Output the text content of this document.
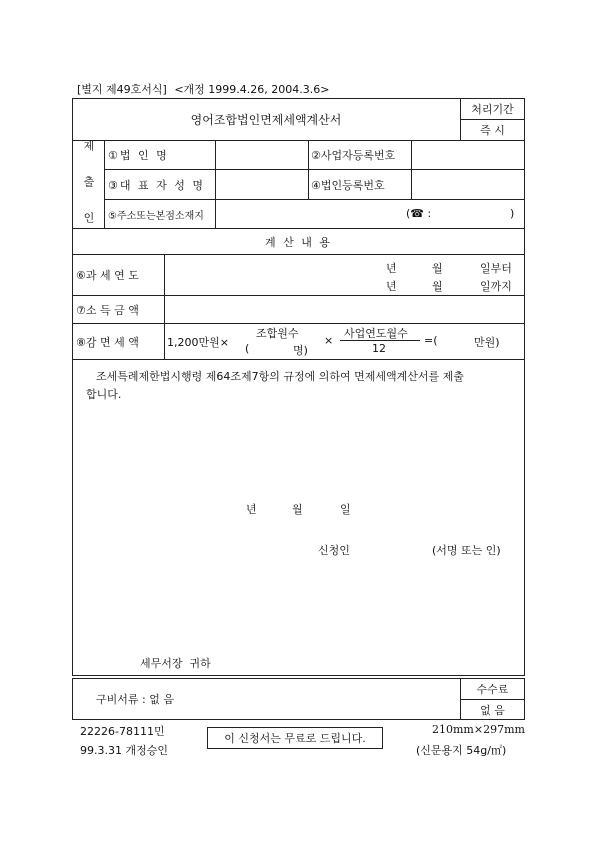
[별지 제49호서식] <개정 1999.4.26, 2004.3.6>
영어조합법인면제세액계산서
처리기간
즉 시
제 출 인 ①법 인 명	②사업자등록번호
③대 표 자 성 명	④법인등록번호
⑤주소또는본점소재지	(☎ :	)
계 산 내 용
⑥과 세 연 도
년	월	일부터
년	월	일까지
⑦소 득 금 액
⑧감 면 세 액	1,200만원×
조합원수
(	명)
×
사업연도월수
12
=(	만원)
조세특례제한법시행령 제64조제7항의 규정에 의하여 면제세액계산서를 제출
합니다.
년	월	일
신청인	(서명 또는 인)
세무서장  귀하
구비서류 : 없 음
수수료
없 음
22226-78111민
99.3.31 개정승인
이 신청서는 무료로 드립니다.
210mm×297mm
(신문용지 54g/㎡)
